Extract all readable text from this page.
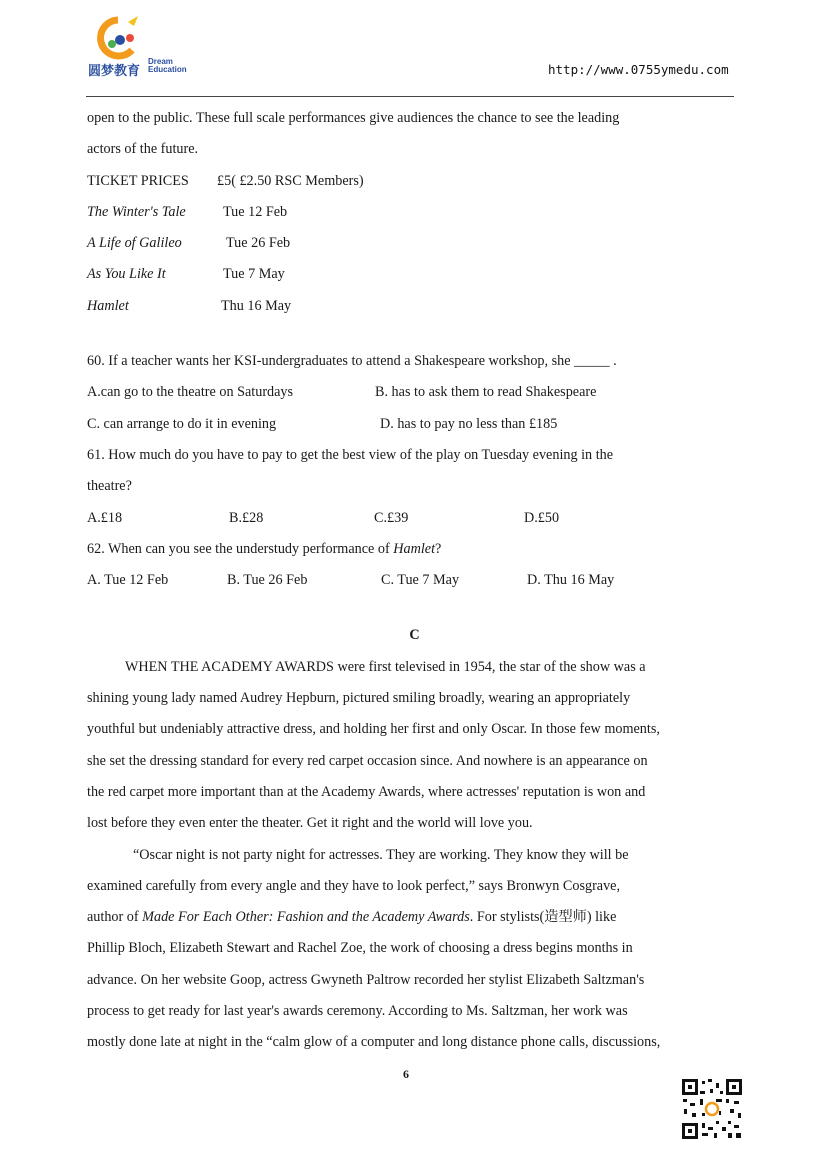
圆梦教育
Dream
Education	http://www.0755ymedu.com
open to the public. These full scale performances give audiences the chance to see the leading
actors of the future.
TICKET PRICES £5( £2.50 RSC Members)
The Winter's Tale	Tue 12 Feb
A Life of Galileo	Tue 26 Feb
As You Like It	Tue 7 May
Hamlet	Thu 16 May
60. If a teacher wants her KSI-undergraduates to attend a Shakespeare workshop, she _____ .
A.can go to the theatre on Saturdays	B. has to ask them to read Shakespeare
C. can arrange to do it in evening	D. has to pay no less than £185
61. How much do you have to pay to get the best view of the play on Tuesday evening in the
theatre?
A.£18	B.£28	C.£39	D.£50
62. When can you see the understudy performance of Hamlet?
A. Tue 12 Feb	B. Tue 26 Feb	C. Tue 7 May	D. Thu 16 May
C
WHEN THE ACADEMY AWARDS were first televised in 1954, the star of the show was a
shining young lady named Audrey Hepburn, pictured smiling broadly, wearing an appropriately
youthful but undeniably attractive dress, and holding her first and only Oscar. In those few moments,
she set the dressing standard for every red carpet occasion since. And nowhere is an appearance on
the red carpet more important than at the Academy Awards, where actresses' reputation is won and
lost before they even enter the theater. Get it right and the world will love you.
“Oscar night is not party night for actresses. They are working. They know they will be
examined carefully from every angle and they have to look perfect,” says Bronwyn Cosgrave,
author of Made For Each Other: Fashion and the Academy Awards. For stylists(造型师) like
Phillip Bloch, Elizabeth Stewart and Rachel Zoe, the work of choosing a dress begins months in
advance. On her website Goop, actress Gwyneth Paltrow recorded her stylist Elizabeth Saltzman's
process to get ready for last year's awards ceremony. According to Ms. Saltzman, her work was
mostly done late at night in the “calm glow of a computer and long distance phone calls, discussions,
6
